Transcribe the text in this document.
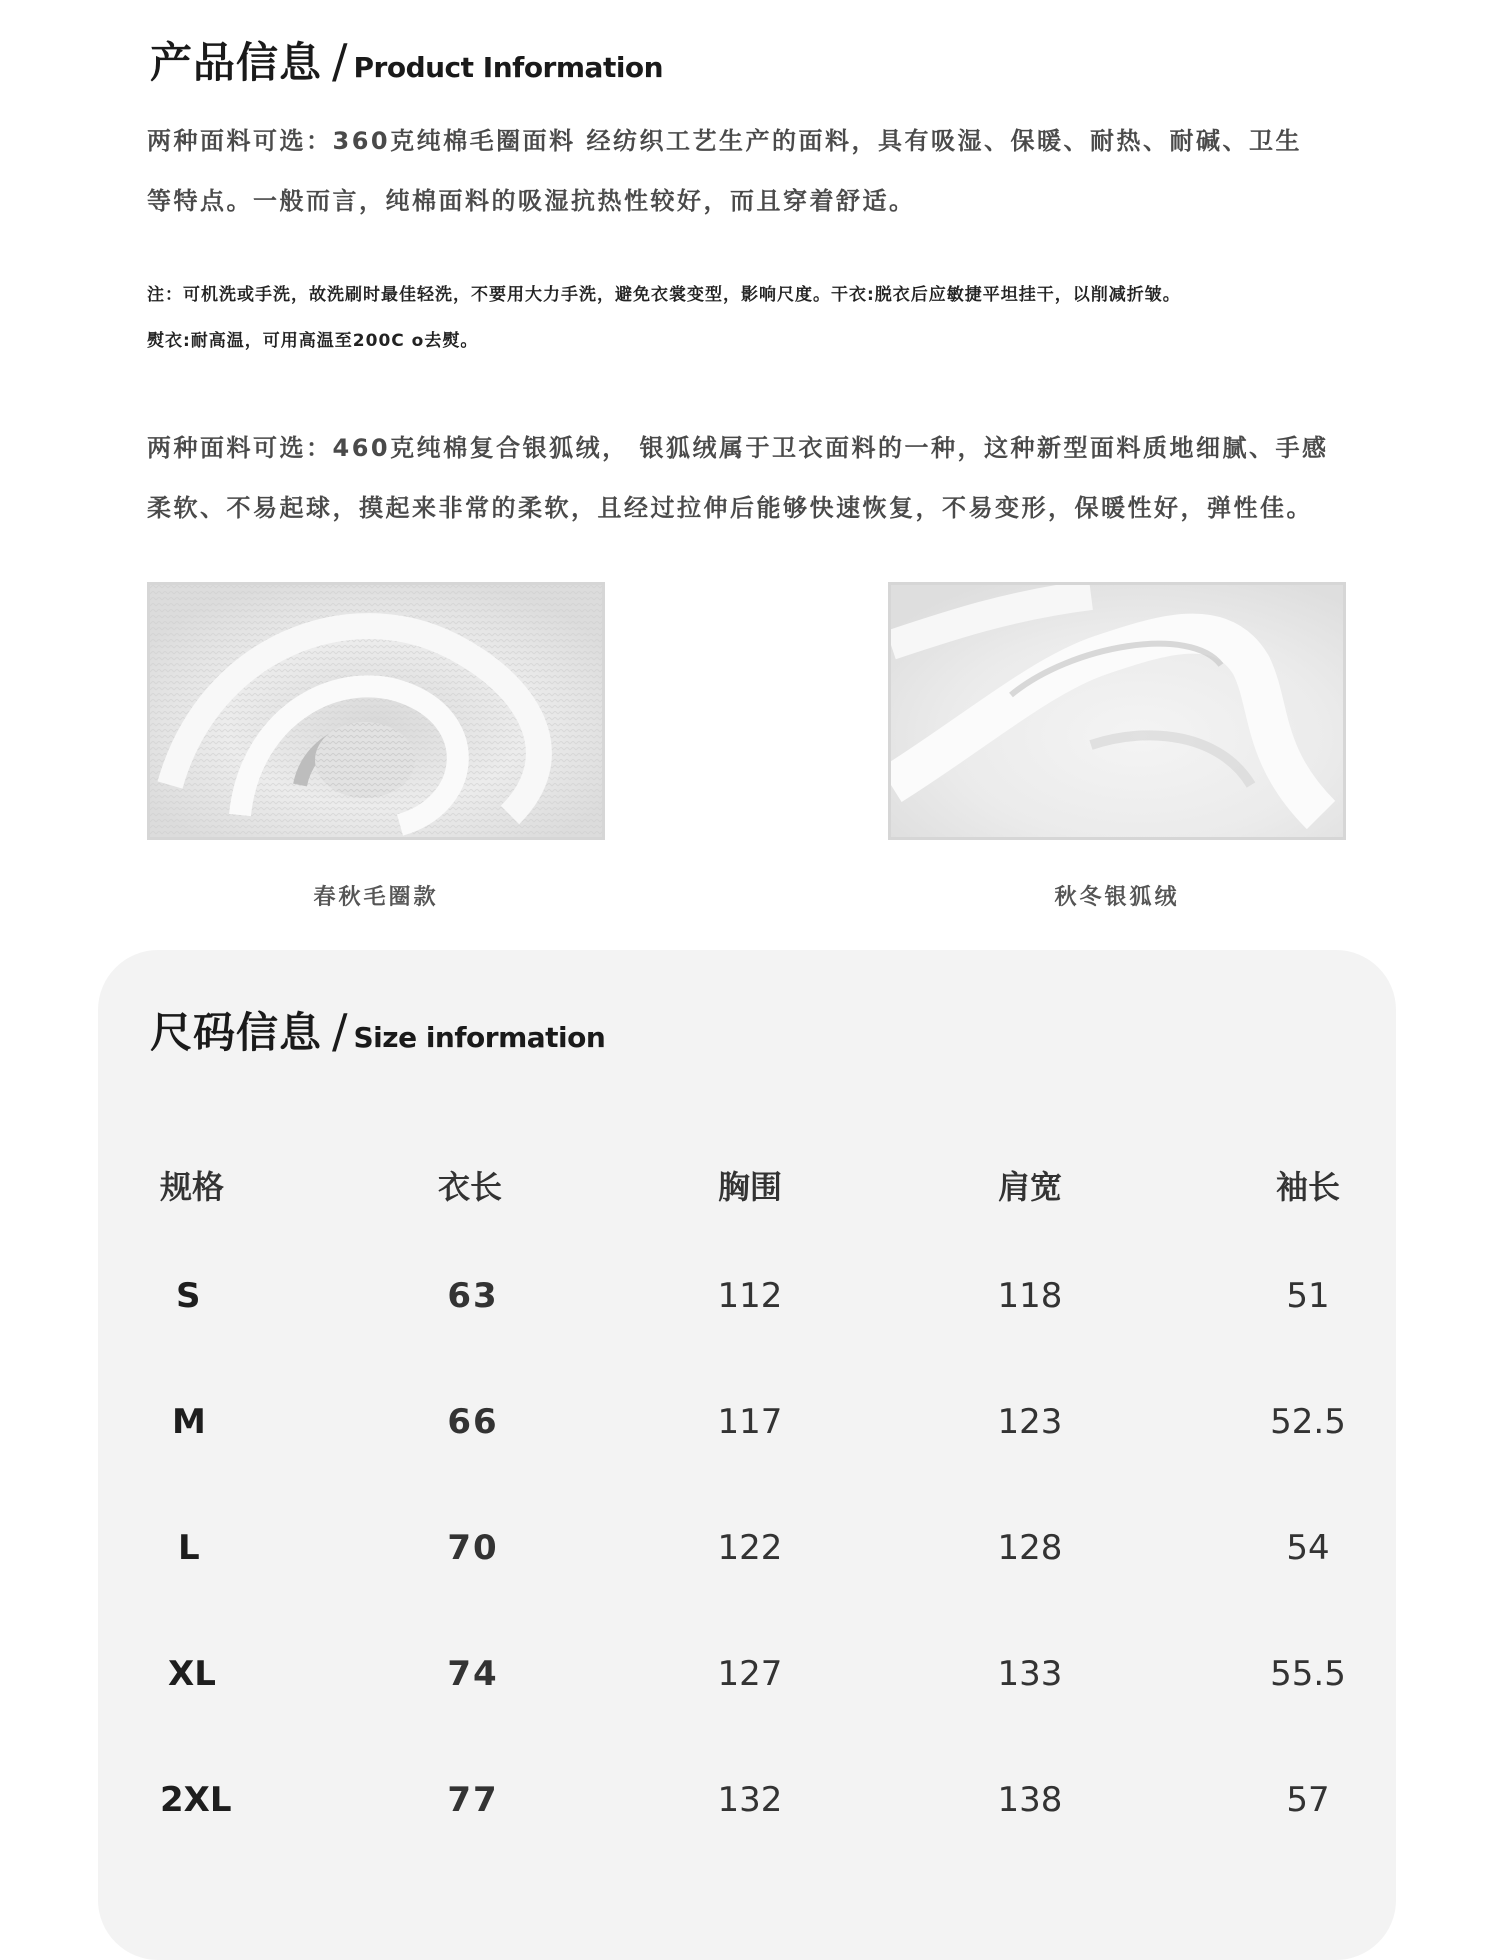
产品信息 / Product Information

两种面料可选：360克纯棉毛圈面料 经纺织工艺生产的面料，具有吸湿、保暖、耐热、耐碱、卫生
等特点。一般而言，纯棉面料的吸湿抗热性较好，而且穿着舒适。

注：可机洗或手洗，故洗刷时最佳轻洗，不要用大力手洗，避免衣裳变型，影响尺度。干衣:脱衣后应敏捷平坦挂干，以削减折皱。
熨衣:耐高温，可用高温至200C o去熨。

两种面料可选：460克纯棉复合银狐绒， 银狐绒属于卫衣面料的一种，这种新型面料质地细腻、手感
柔软、不易起球，摸起来非常的柔软，且经过拉伸后能够快速恢复，不易变形，保暖性好，弹性佳。

春秋毛圈款	秋冬银狐绒
尺码信息 / Size information
规格	衣长	胸围	肩宽	袖长
S	63	112	118	51
M	66	117	123	52.5
L	70	122	128	54
XL	74	127	133	55.5
2XL	77	132	138	57
